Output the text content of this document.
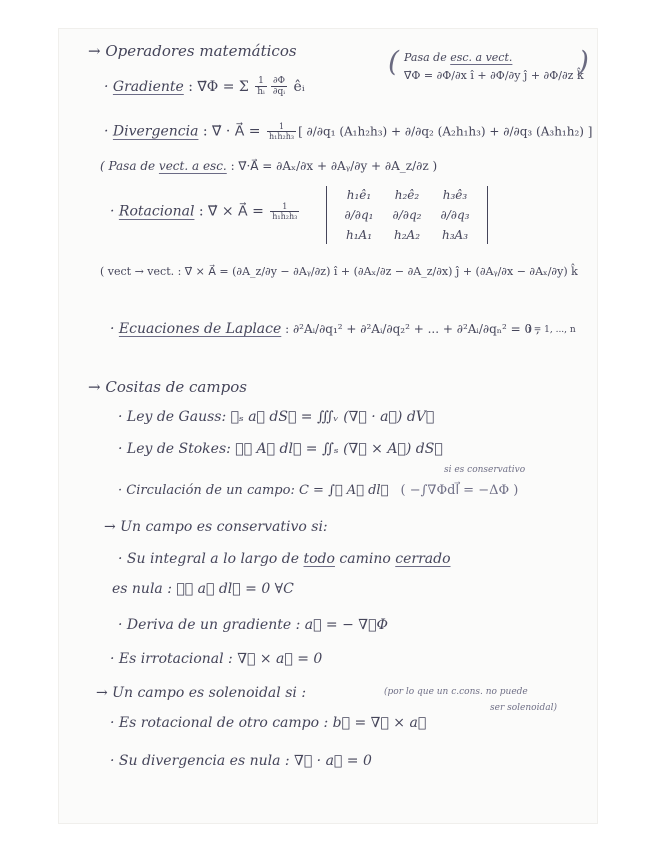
→ Operadores matemáticos
· Gradiente : ∇⃗Φ = Σ $\frac{1}{\text{hᵢ}} \frac{\partial\Phi}{\text{∂qᵢ}}$ êᵢ
(	)
Pasa de esc. a vect.
∇⃗Φ = ∂Φ/∂x î + ∂Φ/∂y ĵ + ∂Φ/∂z k̂
· Divergencia : ∇⃗ · A⃗ = $\frac{1}{\text{h₁h₂h₃}}$ [ ∂/∂q₁ (A₁h₂h₃) + ∂/∂q₂ (A₂h₁h₃) + ∂/∂q₃ (A₃h₁h₂) ]
( Pasa de vect. a esc. : ∇⃗·A⃗ = ∂Aₓ/∂x + ∂Aᵧ/∂y + ∂A_z/∂z )
· Rotacional : ∇⃗ × A⃗ = $\frac{1}{\text{h₁h₂h₃}}$
h₁ê₁	h₂ê₂	h₃ê₃
∂/∂q₁	∂/∂q₂	∂/∂q₃
h₁A₁	h₂A₂	h₃A₃
( vect → vect. : ∇⃗ × A⃗ = (∂A_z/∂y − ∂Aᵧ/∂z) î + (∂Aₓ/∂z − ∂A_z/∂x) ĵ + (∂Aᵧ/∂x − ∂Aₓ/∂y) k̂
· Ecuaciones de Laplace : ∂²Aᵢ/∂q₁² + ∂²Aᵢ/∂q₂² + ... + ∂²Aᵢ/∂qₙ² = 0 ,
i = 1, ..., n
→ Cositas de campos
· Ley de Gauss: ∯ₛ a⃗ dS⃗ = ∭ᵥ (∇⃗ · a⃗) dV⃗
· Ley de Stokes: ∮꜀ A⃗ dl⃗ = ∬ₛ (∇⃗ × A⃗) dS⃗
si es conservativo
· Circulación de un campo: C = ∫꜀ A⃗ dl⃗ ( −∫∇Φdl⃗ = −ΔΦ )
→ Un campo es conservativo si:
· Su integral a lo largo de todo camino cerrado
es nula : ∮꜀ a⃗ dl⃗ = 0 ∀C
· Deriva de un gradiente : a⃗ = − ∇⃗Φ
· Es irrotacional : ∇⃗ × a⃗ = 0
→ Un campo es solenoidal si :	(por lo que un c.cons. no puede
ser solenoidal)
· Es rotacional de otro campo : b⃗ = ∇⃗ × a⃗
· Su divergencia es nula : ∇⃗ · a⃗ = 0
